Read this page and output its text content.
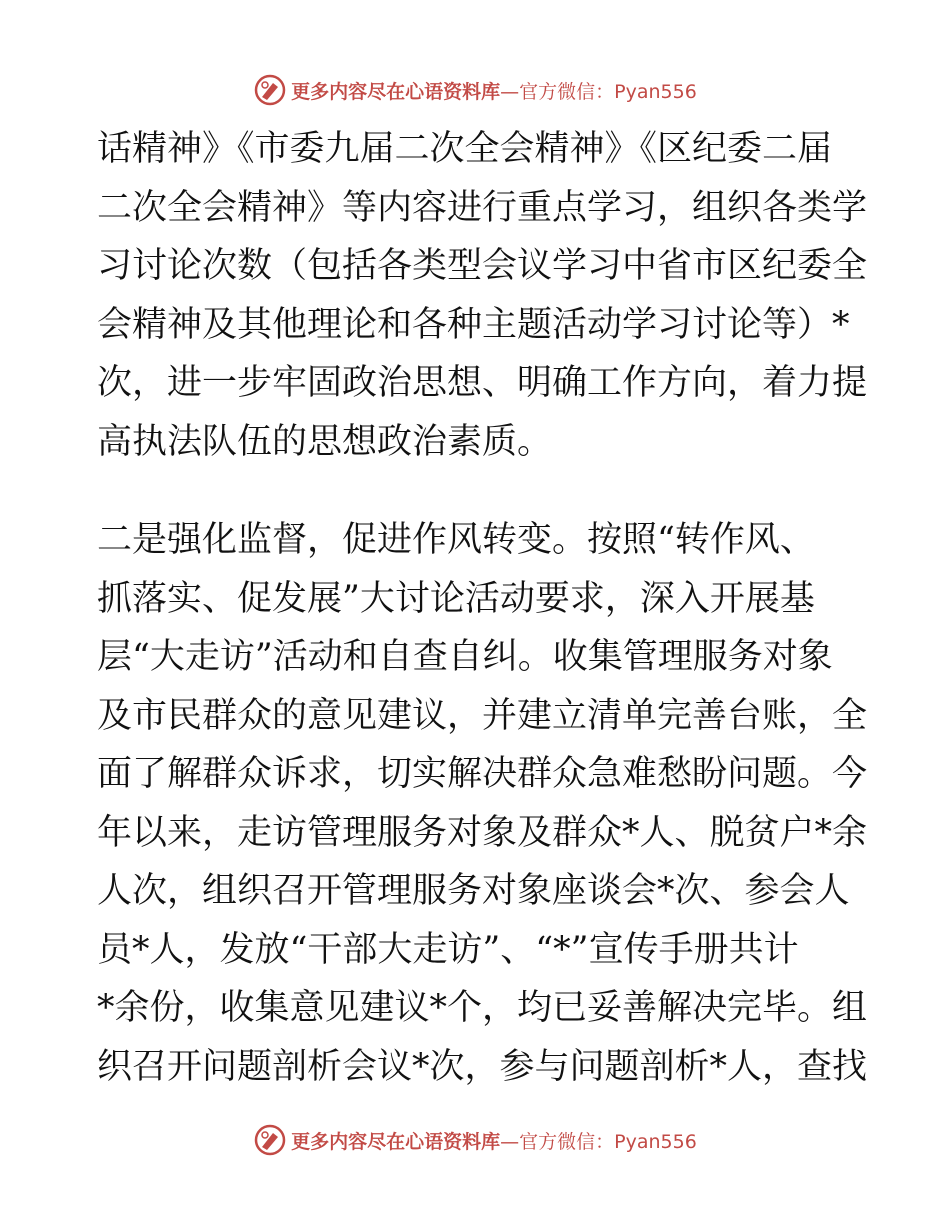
更多内容尽在心语资料库 —官方微信：Pyan556
话精神》《市委九届二次全会精神》《区纪委二届
二次全会精神》等内容进行重点学习，组织各类学
习讨论次数（包括各类型会议学习中省市区纪委全
会精神及其他理论和各种主题活动学习讨论等）*
次，进一步牢固政治思想、明确工作方向，着力提
高执法队伍的思想政治素质。
二是强化监督，促进作风转变。按照“转作风、
抓落实、促发展”大讨论活动要求，深入开展基
层“大走访”活动和自查自纠。收集管理服务对象
及市民群众的意见建议，并建立清单完善台账，全
面了解群众诉求，切实解决群众急难愁盼问题。今
年以来，走访管理服务对象及群众*人、脱贫户*余
人次，组织召开管理服务对象座谈会*次、参会人
员*人，发放“干部大走访”、“*”宣传手册共计
*余份，收集意见建议*个，均已妥善解决完毕。组
织召开问题剖析会议*次，参与问题剖析*人，查找
更多内容尽在心语资料库 —官方微信：Pyan556
